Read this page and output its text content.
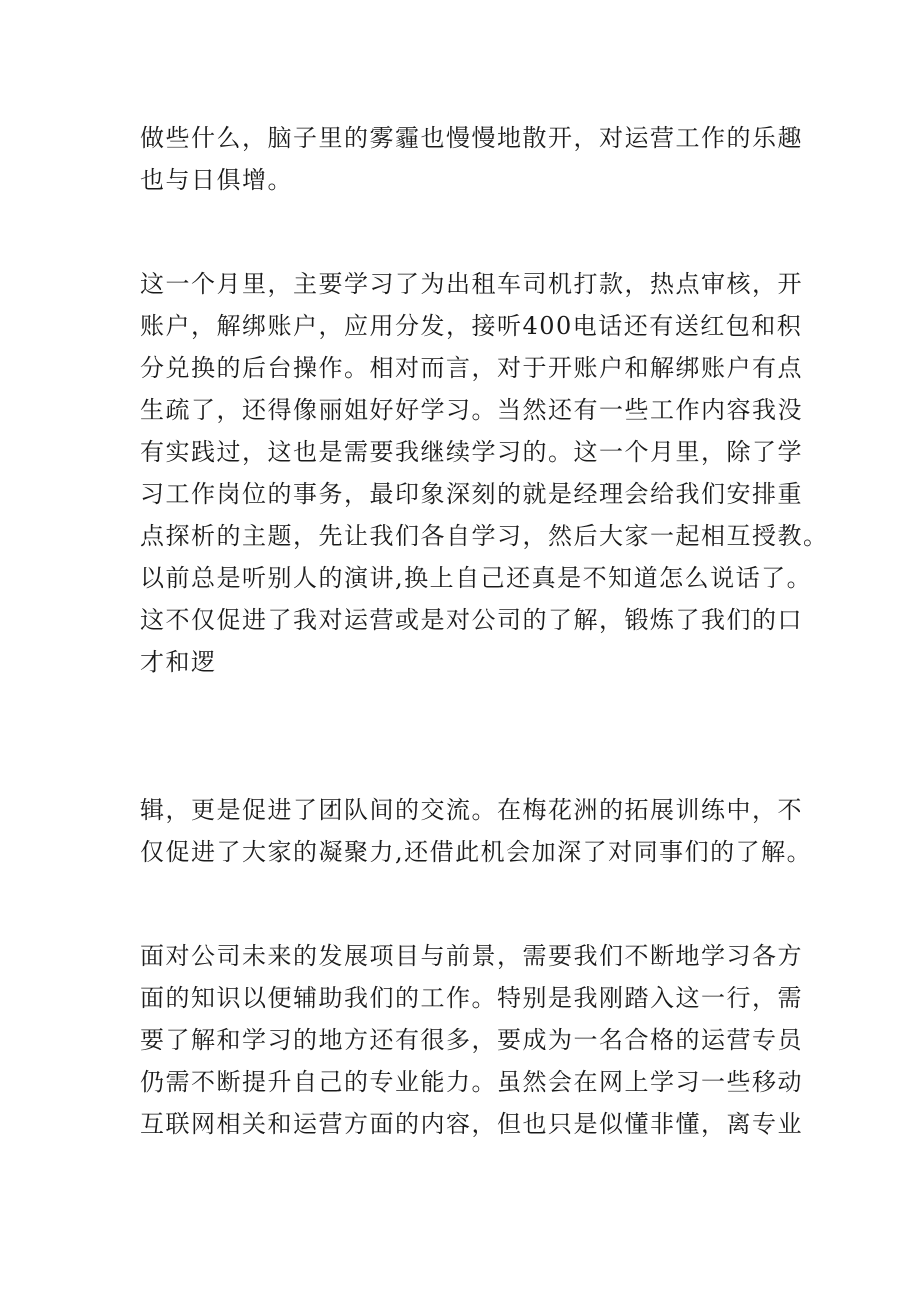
做些什么，脑子里的雾霾也慢慢地散开，对运营工作的乐趣
也与日俱增。

这一个月里，主要学习了为出租车司机打款，热点审核，开
账户，解绑账户，应用分发，接听400电话还有送红包和积
分兑换的后台操作。相对而言，对于开账户和解绑账户有点
生疏了，还得像丽姐好好学习。当然还有一些工作内容我没
有实践过，这也是需要我继续学习的。这一个月里，除了学
习工作岗位的事务，最印象深刻的就是经理会给我们安排重
点探析的主题，先让我们各自学习，然后大家一起相互授教。
以前总是听别人的演讲,换上自己还真是不知道怎么说话了。
这不仅促进了我对运营或是对公司的了解，锻炼了我们的口
才和逻

辑，更是促进了团队间的交流。在梅花洲的拓展训练中，不
仅促进了大家的凝聚力,还借此机会加深了对同事们的了解。

面对公司未来的发展项目与前景，需要我们不断地学习各方
面的知识以便辅助我们的工作。特别是我刚踏入这一行，需
要了解和学习的地方还有很多，要成为一名合格的运营专员
仍需不断提升自己的专业能力。虽然会在网上学习一些移动
互联网相关和运营方面的内容，但也只是似懂非懂，离专业
